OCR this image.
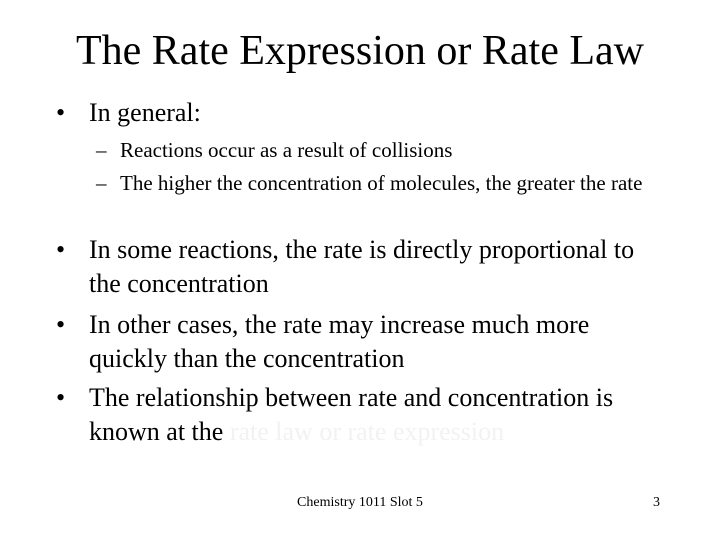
The Rate Expression or Rate Law
• In general:
– Reactions occur as a result of collisions
– The higher the concentration of molecules, the greater the rate
• In some reactions, the rate is directly proportional to the concentration
• In other cases, the rate may increase much more quickly than the concentration
• The relationship between rate and concentration is known at the rate law or rate expression
Chemistry 1011 Slot 5	3
